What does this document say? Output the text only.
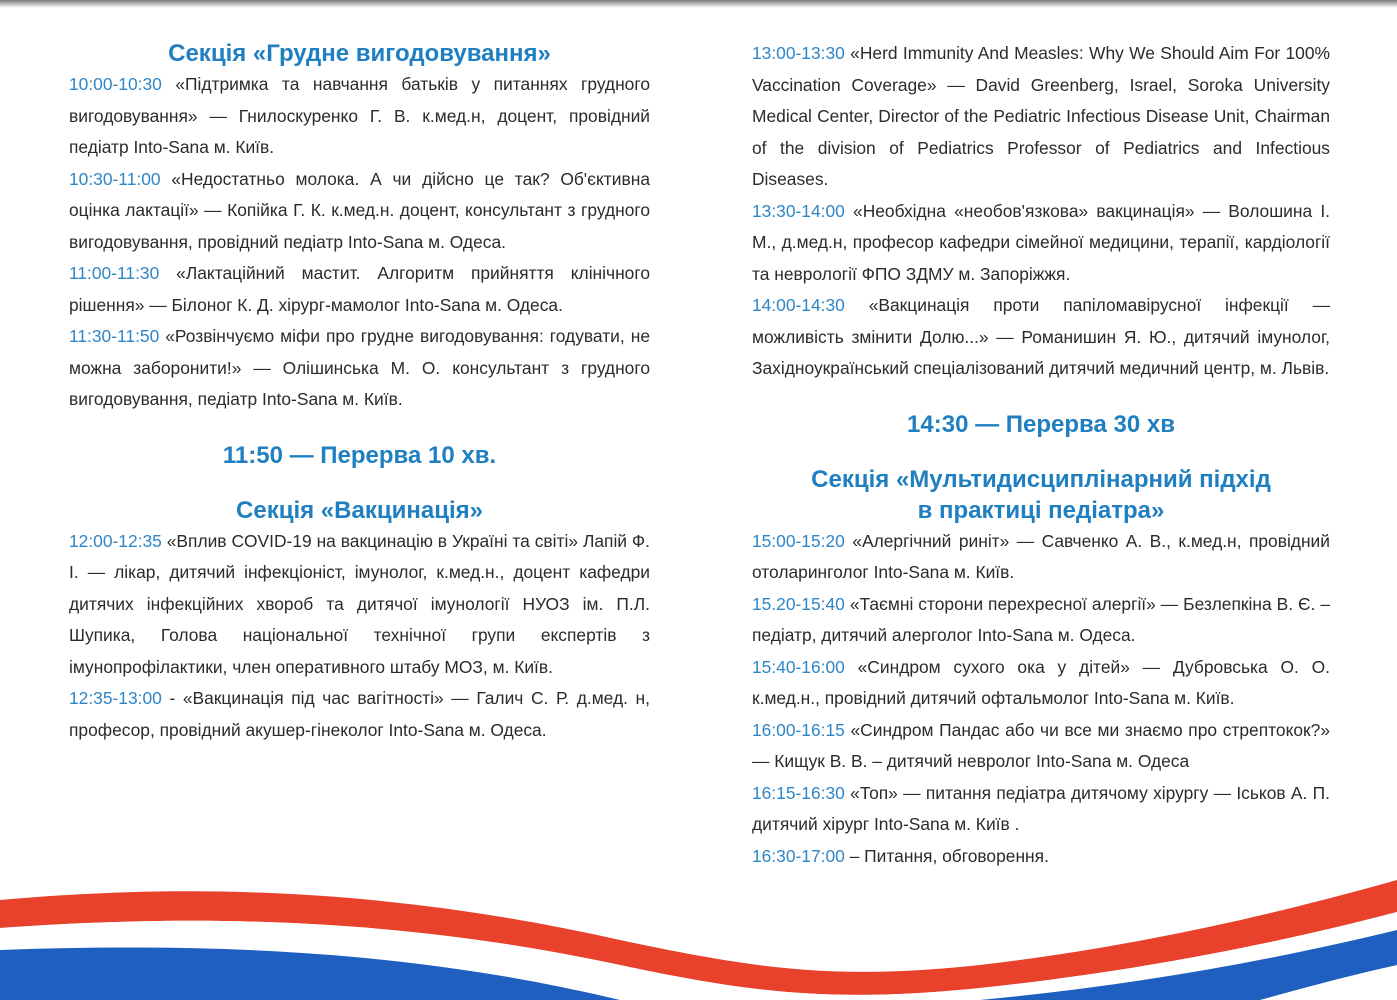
Секція «Грудне вигодовування»

10:00-10:30 «Підтримка та навчання батьків у питаннях грудного вигодовування» — Гнилоскуренко Г. В. к.мед.н, доцент, провідний педіатр Into-Sana м. Київ.

10:30-11:00 «Недостатньо молока. А чи дійсно це так? Об'єктивна оцінка лактації» — Копійка Г. К. к.мед.н. доцент, консультант з грудного вигодовування, провідний педіатр Into-Sana м. Одеса.

11:00-11:30 «Лактаційний мастит. Алгоритм прийняття клінічного рішення» — Білоног К. Д. хірург-мамолог Into-Sana м. Одеса.

11:30-11:50 «Розвінчуємо міфи про грудне вигодовування: годувати, не можна заборонити!» — Олішинська М. О. консультант з грудного вигодовування, педіатр Into-Sana м. Київ.

11:50 — Перерва 10 хв.
Секція «Вакцинація»

12:00-12:35 «Вплив COVID-19 на вакцинацію в Україні та світі» Лапій Ф. І. — лікар, дитячий інфекціоніст, імунолог, к.мед.н., доцент кафедри дитячих інфекційних хвороб та дитячої імунології НУОЗ ім. П.Л. Шупика, Голова національної технічної групи експертів з імунопрофілактики, член оперативного штабу МОЗ, м. Київ.

12:35-13:00 - «Вакцинація під час вагітності» — Галич С. Р. д.мед. н, професор, провідний акушер-гінеколог Into-Sana м. Одеса.

13:00-13:30 «Herd Immunity And Measles: Why We Should Aim For 100% Vaccination Coverage» — David Greenberg, Israel, Soroka University Medical Center, Director of the Pediatric Infectious Disease Unit, Chairman of the division of Pediatrics Professor of Pediatrics and Infectious Diseases.

13:30-14:00 «Необхідна «необов'язкова» вакцинація» — Волошина І. М., д.мед.н, професор кафедри сімейної медицини, терапії, кардіології та неврології ФПО ЗДМУ м. Запоріжжя.

14:00-14:30 «Вакцинація проти папіломавірусної інфекції — можливість змінити Долю...» — Романишин Я. Ю., дитячий імунолог, Західноукраїнський спеціалізований дитячий медичний центр, м. Львів.

14:30 — Перерва 30 хв
Секція «Мультидисциплінарний підхід
в практиці педіатра»

15:00-15:20 «Алергічний риніт» — Савченко А. В., к.мед.н, провідний отоларинголог Into-Sana м. Київ.

15.20-15:40 «Таємні сторони перехресної алергії» — Безлепкіна В. Є. – педіатр, дитячий алерголог Into-Sana м. Одеса.

15:40-16:00 «Синдром сухого ока у дітей» — Дубровська О. О. к.мед.н., провідний дитячий офтальмолог Into-Sana м. Київ.

16:00-16:15 «Синдром Пандас або чи все ми знаємо про стрептокок?» — Кищук В. В. – дитячий невролог Into-Sana м. Одеса

16:15-16:30 «Топ» — питання педіатра дитячому хірургу — Іськов А. П. дитячий хірург Into-Sana м. Київ .

16:30-17:00 – Питання, обговорення.
